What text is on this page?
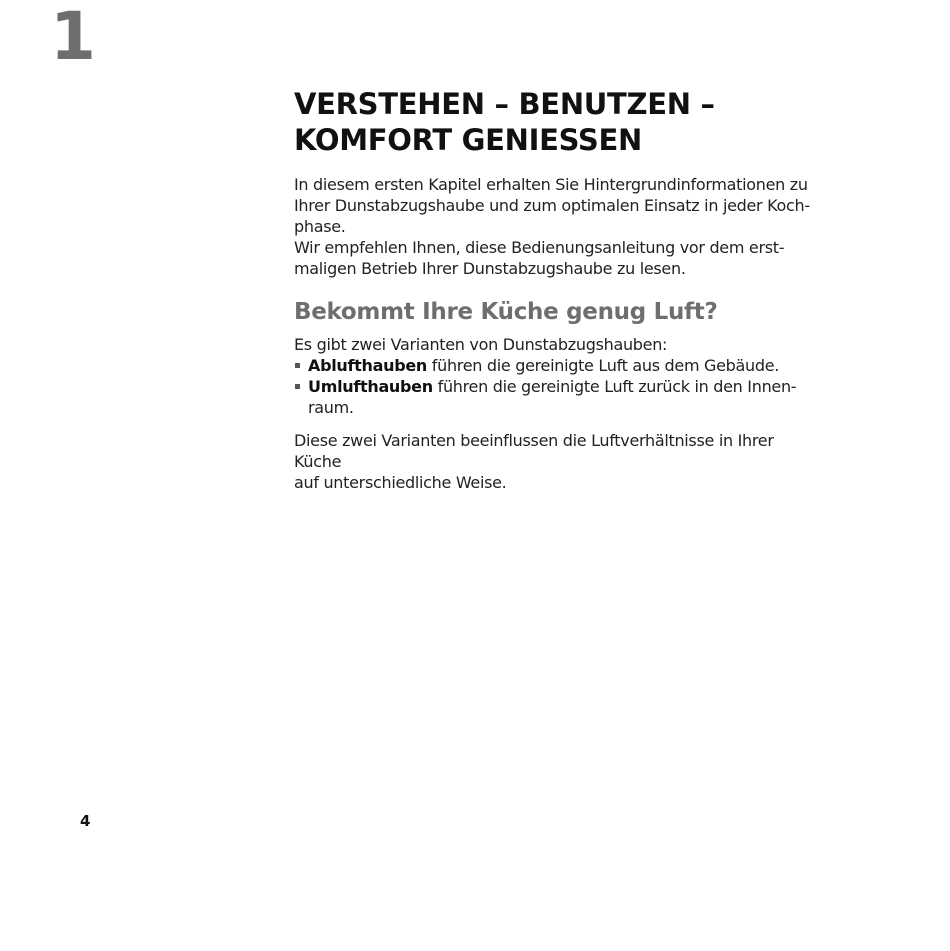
1
VERSTEHEN – BENUTZEN –
KOMFORT GENIESSEN

In diesem ersten Kapitel erhalten Sie Hintergrundinformationen zu
Ihrer Dunstabzugshaube und zum optimalen Einsatz in jeder Koch-
phase.
Wir empfehlen Ihnen, diese Bedienungsanleitung vor dem erst-
maligen Betrieb Ihrer Dunstabzugshaube zu lesen.

Bekommt Ihre Küche genug Luft?

Es gibt zwei Varianten von Dunstabzugshauben:

Ablufthauben führen die gereinigte Luft aus dem Gebäude.
Umlufthauben führen die gereinigte Luft zurück in den Innen-
raum.

Diese zwei Varianten beeinflussen die Luftverhältnisse in Ihrer Küche
auf unterschiedliche Weise.

4
